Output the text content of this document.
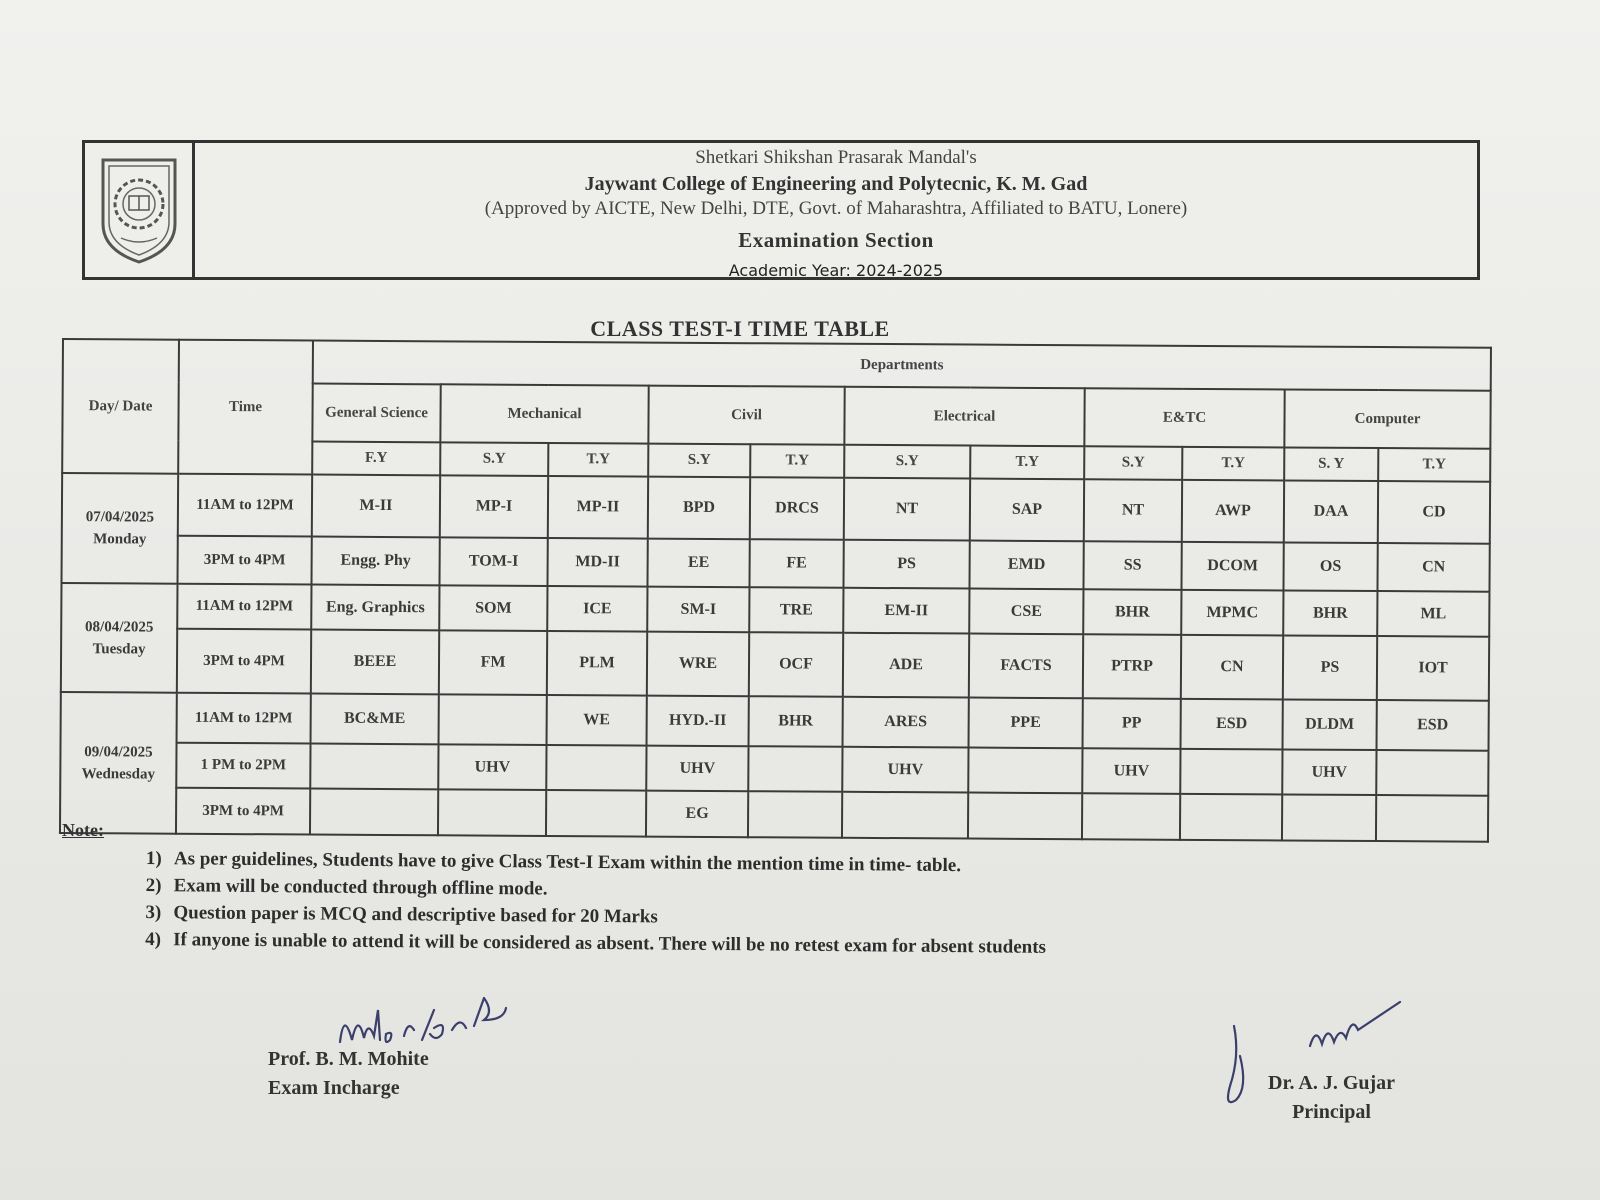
Shetkari Shikshan Prasarak Mandal's
Jaywant College of Engineering and Polytecnic, K. M. Gad
(Approved by AICTE, New Delhi, DTE, Govt. of Maharashtra, Affiliated to BATU, Lonere)
Examination Section
Academic Year: 2024-2025
CLASS TEST-I TIME TABLE
Day/ Date	Time	Departments										
		General Science	Mechanical		Civil		Electrical		E&TC		Computer	
		F.Y	S.Y	T.Y	S.Y	T.Y	S.Y	T.Y	S.Y	T.Y	S. Y	T.Y

07/04/2025
Monday	11AM to 12PM	M-II	MP-I	MP-II	BPD	DRCS	NT	SAP	NT	AWP	DAA	CD
	3PM to 4PM	Engg. Phy	TOM-I	MD-II	EE	FE	PS	EMD	SS	DCOM	OS	CN

08/04/2025
Tuesday	11AM to 12PM	Eng. Graphics	SOM	ICE	SM-I	TRE	EM-II	CSE	BHR	MPMC	BHR	ML
	3PM to 4PM	BEEE	FM	PLM	WRE	OCF	ADE	FACTS	PTRP	CN	PS	IOT

09/04/2025
Wednesday	11AM to 12PM	BC&ME		WE	HYD.-II	BHR	ARES	PPE	PP	ESD	DLDM	ESD
	1 PM to 2PM		UHV		UHV		UHV		UHV		UHV	
	3PM to 4PM				EG							
Note:
1) As per guidelines, Students have to give Class Test-I Exam within the mention time in time- table.
2) Exam will be conducted through offline mode.
3) Question paper is MCQ and descriptive based for 20 Marks
4) If anyone is unable to attend it will be considered as absent. There will be no retest exam for absent students
Prof. B. M. Mohite
Exam Incharge	Dr. A. J. Gujar
Principal
